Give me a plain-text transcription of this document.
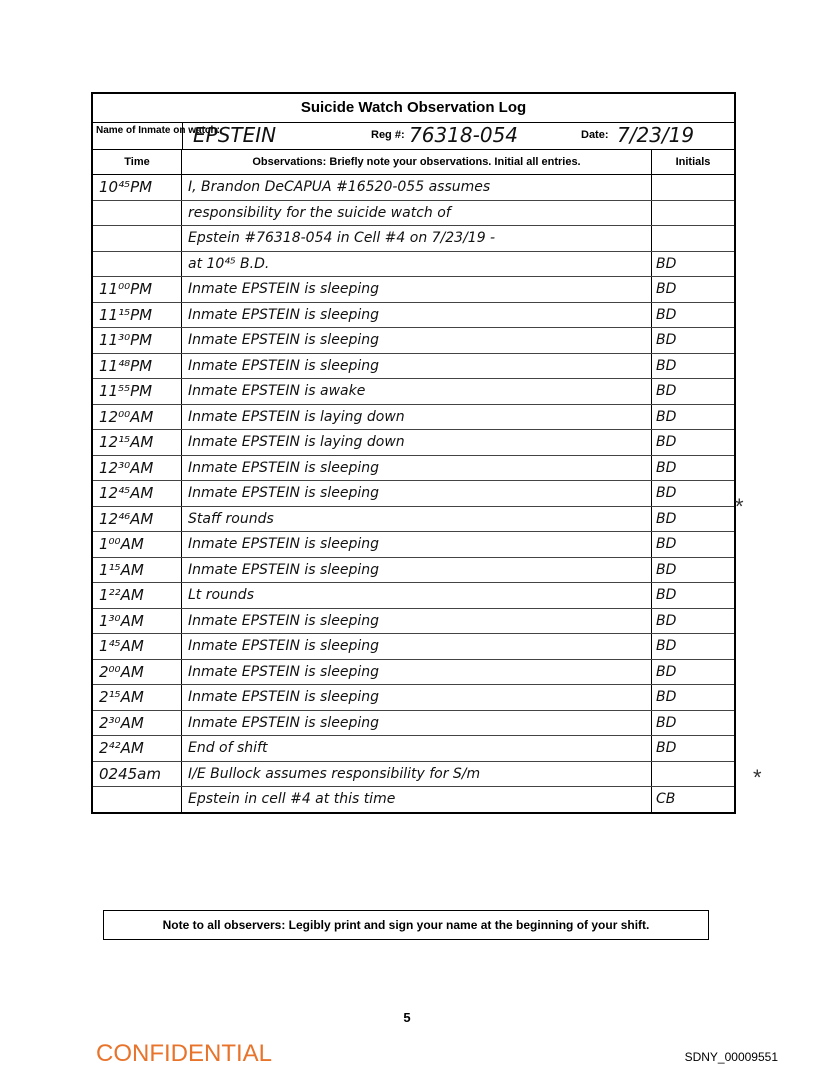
Suicide Watch Observation Log
Name of Inmate on watch:
EPSTEIN	Reg #: 76318-054	Date: 7/23/19
Time	Observations: Briefly note your observations. Initial all entries.	Initials
10⁴⁵PM	I, Brandon DeCAPUA #16520-055 assumes
responsibility for the suicide watch of
Epstein #76318-054 in Cell #4 on 7/23/19 -
at 10⁴⁵ B.D.	BD
11⁰⁰PM	Inmate EPSTEIN is sleeping	BD
11¹⁵PM	Inmate EPSTEIN is sleeping	BD
11³⁰PM	Inmate EPSTEIN is sleeping	BD
11⁴⁸PM	Inmate EPSTEIN is sleeping	BD
11⁵⁵PM	Inmate EPSTEIN is awake	BD
12⁰⁰AM	Inmate EPSTEIN is laying down	BD
12¹⁵AM	Inmate EPSTEIN is laying down	BD
12³⁰AM	Inmate EPSTEIN is sleeping	BD
12⁴⁵AM	Inmate EPSTEIN is sleeping	BD
12⁴⁶AM	Staff rounds	BD
1⁰⁰AM	Inmate EPSTEIN is sleeping	BD
1¹⁵AM	Inmate EPSTEIN is sleeping	BD
1²²AM	Lt rounds	BD
1³⁰AM	Inmate EPSTEIN is sleeping	BD
1⁴⁵AM	Inmate EPSTEIN is sleeping	BD
2⁰⁰AM	Inmate EPSTEIN is sleeping	BD
2¹⁵AM	Inmate EPSTEIN is sleeping	BD
2³⁰AM	Inmate EPSTEIN is sleeping	BD
2⁴²AM	End of shift	BD
0245am	I/E Bullock assumes responsibility for S/m
Epstein in cell #4 at this time	CB
*
*
Note to all observers: Legibly print and sign your name at the beginning of your shift.
5
CONFIDENTIAL	SDNY_00009551
